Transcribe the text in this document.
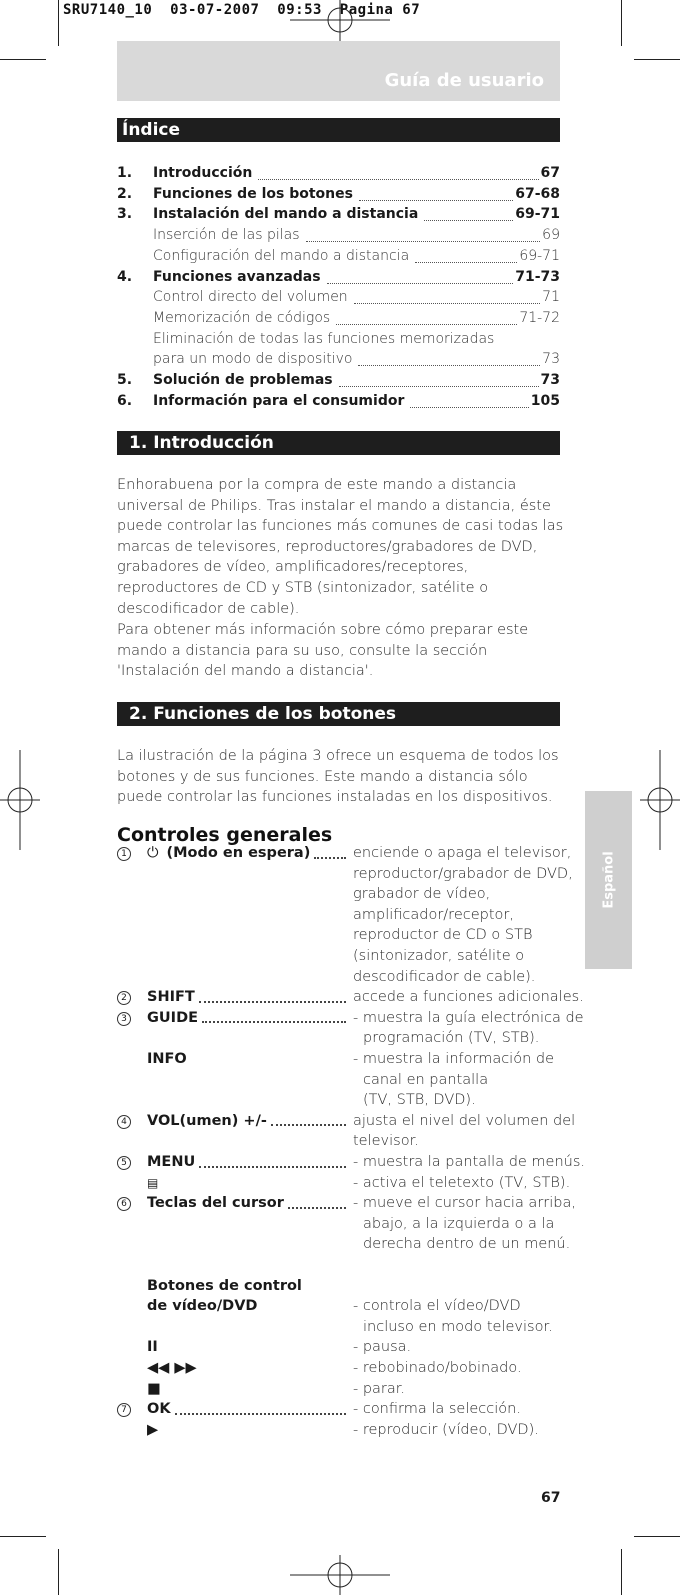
SRU7140_10  03-07-2007  09:53  Pagina 67
Guía de usuario
Índice
1.	Introducción	67
2.	Funciones de los botones	67-68
3.	Instalación del mando a distancia	69-71
Inserción de las pilas	69
Configuración del mando a distancia	69-71
4.	Funciones avanzadas	71-73
Control directo del volumen	71
Memorización de códigos	71-72
Eliminación de todas las funciones memorizadas
para un modo de dispositivo	73
5.	Solución de problemas	73
6.	Información para el consumidor	105
1. Introducción

Enhorabuena por la compra de este mando a distancia universal de Philips. Tras instalar el mando a distancia, éste puede controlar las funciones más comunes de casi todas las marcas de televisores, reproductores/grabadores de DVD, grabadores de vídeo, amplificadores/receptores, reproductores de CD y STB (sintonizador, satélite o descodificador de cable).

Para obtener más información sobre cómo preparar este mando a distancia para su uso, consulte la sección 'Instalación del mando a distancia'.

2. Funciones de los botones

La ilustración de la página 3 ofrece un esquema de todos los botones y de sus funciones. Este mando a distancia sólo puede controlar las funciones instaladas en los dispositivos.

Controles generales
1 ⏻ (Modo en espera)	enciende o apaga el televisor,
reproductor/grabador de DVD,
grabador de vídeo,
amplificador/receptor,
reproductor de CD o STB
(sintonizador, satélite o
descodificador de cable).
2 SHIFT	accede a funciones adicionales.
3 GUIDE	- muestra la guía electrónica de
programación (TV, STB).
INFO	- muestra la información de
canal en pantalla
(TV, STB, DVD).
4 VOL(umen) +/-	ajusta el nivel del volumen del
televisor.
5 MENU	- muestra la pantalla de menús.
▤	- activa el teletexto (TV, STB).
6 Teclas del cursor	- mueve el cursor hacia arriba,
abajo, a la izquierda o a la
derecha dentro de un menú.
Botones de control
de vídeo/DVD	- controla el vídeo/DVD
incluso en modo televisor.
II	- pausa.
◀◀ ▶▶	- rebobinado/bobinado.
■	- parar.
7 OK	- confirma la selección.
▶	- reproducir (vídeo, DVD).
Español
67
